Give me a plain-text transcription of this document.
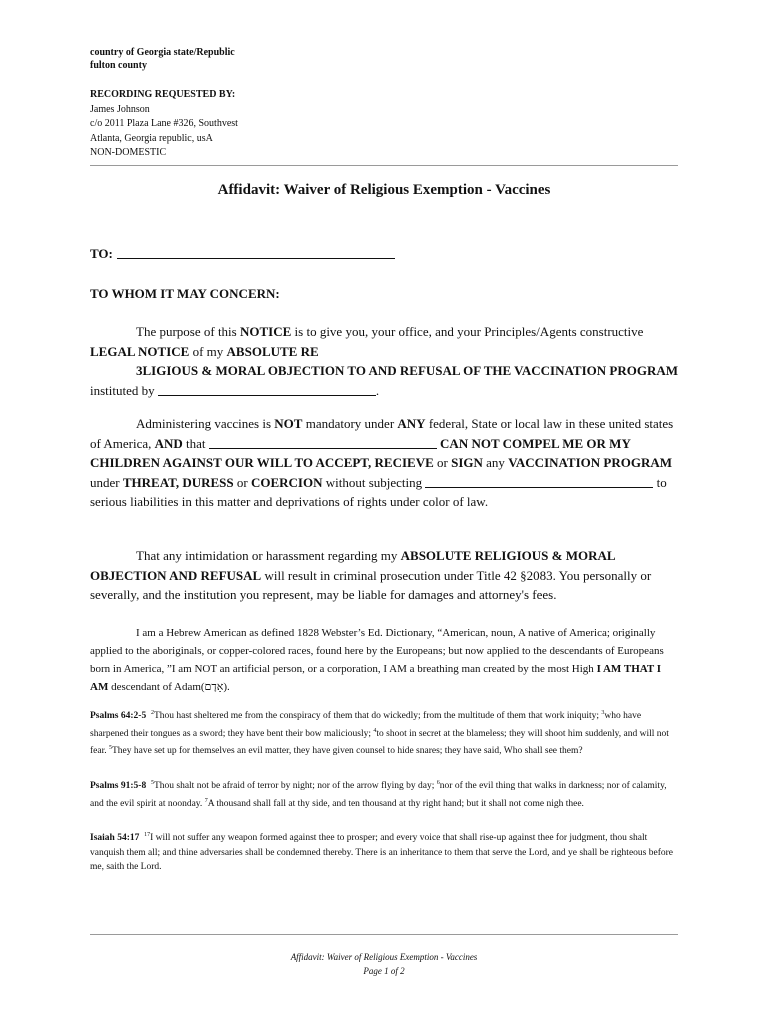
country of Georgia state/Republic
fulton county
RECORDING REQUESTED BY:
James Johnson
c/o 2011 Plaza Lane #326, Southvest
Atlanta, Georgia republic, usA
NON-DOMESTIC
Affidavit: Waiver of Religious Exemption - Vaccines
TO:
TO WHOM IT MAY CONCERN:
The purpose of this NOTICE is to give you, your office, and your Principles/Agents constructive LEGAL NOTICE of my ABSOLUTE RE
3LIGIOUS & MORAL OBJECTION TO AND REFUSAL OF THE VACCINATION PROGRAM instituted by	.
Administering vaccines is NOT mandatory under ANY federal, State or local law in these united states of America, AND that	CAN NOT COMPEL ME OR MY CHILDREN AGAINST OUR WILL TO ACCEPT, RECIEVE or SIGN any VACCINATION PROGRAM under THREAT, DURESS or COERCION without subjecting	to serious liabilities in this matter and deprivations of rights under color of law.
That any intimidation or harassment regarding my ABSOLUTE RELIGIOUS & MORAL OBJECTION AND REFUSAL will result in criminal prosecution under Title 42 §2083. You personally or severally, and the institution you represent, may be liable for damages and attorney's fees.
I am a Hebrew American as defined 1828 Webster’s Ed. Dictionary, “American, noun, A native of America; originally applied to the aboriginals, or copper-colored races, found here by the Europeans; but now applied to the descendants of Europeans born in America, ”I am NOT an artificial person, or a corporation, I AM a breathing man created by the most High I AM THAT I AM descendant of Adam(אָדָם).
Psalms 64:2-5 $^2$Thou hast sheltered me from the conspiracy of them that do wickedly; from the multitude of them that work iniquity; $^3$who have sharpened their tongues as a sword; they have bent their bow maliciously; $^4$to shoot in secret at the blameless; they will shoot him suddenly, and will not fear. $^5$They have set up for themselves an evil matter, they have given counsel to hide snares; they have said, Who shall see them?
Psalms 91:5-8 $^5$Thou shalt not be afraid of terror by night; nor of the arrow flying by day; $^6$nor of the evil thing that walks in darkness; nor of calamity, and the evil spirit at noonday. $^7$A thousand shall fall at thy side, and ten thousand at thy right hand; but it shall not come nigh thee.
Isaiah 54:17 $^{17}$I will not suffer any weapon formed against thee to prosper; and every voice that shall rise-up against thee for judgment, thou shalt vanquish them all; and thine adversaries shall be condemned thereby. There is an inheritance to them that serve the Lord, and ye shall be righteous before me, saith the Lord.
Affidavit: Waiver of Religious Exemption - Vaccines
Page 1 of 2
